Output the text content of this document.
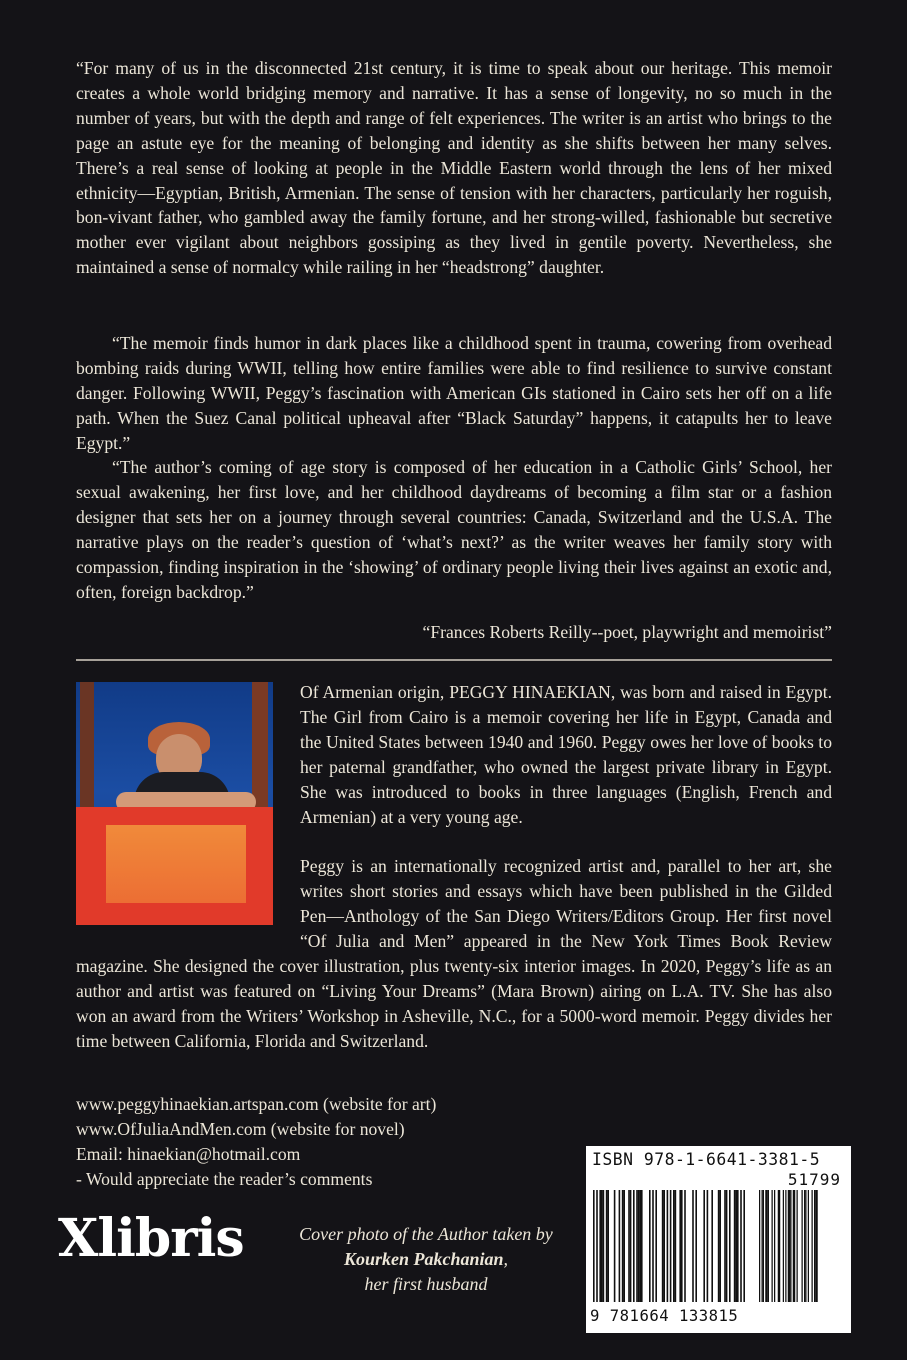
“For many of us in the disconnected 21st century, it is time to speak about our heritage. This memoir creates a whole world bridging memory and narrative. It has a sense of longevity, no so much in the number of years, but with the depth and range of felt experiences. The writer is an artist who brings to the page an astute eye for the meaning of belonging and identity as she shifts between her many selves. There’s a real sense of looking at people in the Middle Eastern world through the lens of her mixed ethnicity—Egyptian, British, Armenian. The sense of tension with her characters, particularly her roguish, bon-vivant father, who gambled away the family fortune, and her strong-willed, fashionable but secretive mother ever vigilant about neighbors gossiping as they lived in gentile poverty. Nevertheless, she maintained a sense of normalcy while railing in her “headstrong” daughter.

“The memoir finds humor in dark places like a childhood spent in trauma, cowering from overhead bombing raids during WWII, telling how entire families were able to find resilience to survive constant danger. Following WWII, Peggy’s fascination with American GIs stationed in Cairo sets her off on a life path. When the Suez Canal political upheaval after “Black Saturday” happens, it catapults her to leave Egypt.”

“The author’s coming of age story is composed of her education in a Catholic Girls’ School, her sexual awakening, her first love, and her childhood daydreams of becoming a film star or a fashion designer that sets her on a journey through several countries: Canada, Switzerland and the U.S.A. The narrative plays on the reader’s question of ‘what’s next?’ as the writer weaves her family story with compassion, finding inspiration in the ‘showing’ of ordinary people living their lives against an exotic and, often, foreign backdrop.”

“Frances Roberts Reilly--poet, playwright and memoirist”

Of Armenian origin, PEGGY HINAEKIAN, was born and raised in Egypt. The Girl from Cairo is a memoir covering her life in Egypt, Canada and the United States between 1940 and 1960. Peggy owes her love of books to her paternal grandfather, who owned the largest private library in Egypt. She was introduced to books in three languages (English, French and Armenian) at a very young age.

Peggy is an internationally recognized artist and, parallel to her art, she writes short stories and essays which have been published in the Gilded Pen—Anthology of the San Diego Writers/Editors Group. Her first novel “Of Julia and Men” appeared in the New York Times Book Review magazine. She designed the cover illustration, plus twenty-six interior images. In 2020, Peggy’s life as an author and artist was featured on “Living Your Dreams” (Mara Brown) airing on L.A. TV. She has also won an award from the Writers’ Workshop in Asheville, N.C., for a 5000-word memoir. Peggy divides her time between California, Florida and Switzerland.

www.peggyhinaekian.artspan.com (website for art)
www.OfJuliaAndMen.com (website for novel)
Email: hinaekian@hotmail.com
- Would appreciate the reader’s comments
Xlibris	Cover photo of the Author taken by
Kourken Pakchanian,
her first husband
ISBN 978-1-6641-3381-5
51799
9 781664 133815
